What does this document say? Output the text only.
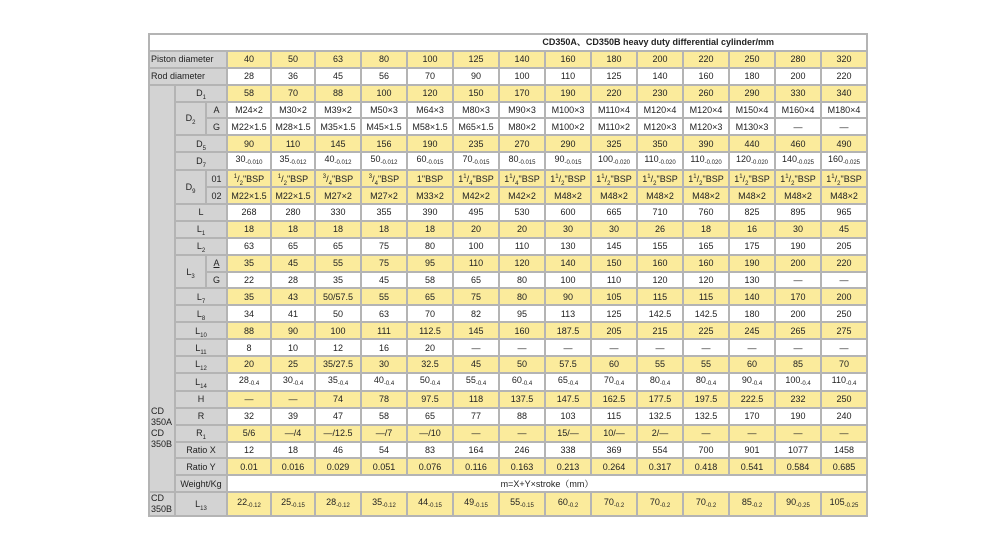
CD350A、CD350B heavy duty differential cylinder/mm																
Piston diameter			40	50	63	80	100	125	140	160	180	200	220	250	280	320
Rod diameter			28	36	45	56	70	90	100	110	125	140	160	180	200	220

CD 350A CD 350B	$D_1$		58	70	88	100	120	150	170	190	220	230	260	290	330	340
	$D_2$	A	M24×2	M30×2	M39×2	M50×3	M64×3	M80×3	M90×3	M100×3	M110×4	M120×4	M120×4	M150×4	M160×4	M180×4
		G	M22×1.5	M28×1.5	M35×1.5	M45×1.5	M58×1.5	M65×1.5	M80×2	M100×2	M110×2	M120×3	M120×3	M130×3	—	—
	$D_5$		90	110	145	156	190	235	270	290	325	350	390	440	460	490
	$D_7$		$30_{-0.010}$	$35_{-0.012}$	$40_{-0.012}$	$50_{-0.012}$	$60_{-0.015}$	$70_{-0.015}$	$80_{-0.015}$	$90_{-0.015}$	$100_{-0.020}$	$110_{-0.020}$	$110_{-0.020}$	$120_{-0.020}$	$140_{-0.025}$	$160_{-0.025}$
	$D_9$	01	$^1/_2"BSP$	$^1/_2"BSP$	$^3/_4"BSP$	$^3/_4"BSP$	1"BSP	$1^1/_4"BSP$	$1^1/_4"BSP$	$1^1/_2"BSP$	$1^1/_2"BSP$	$1^1/_2"BSP$	$1^1/_2"BSP$	$1^1/_2"BSP$	$1^1/_2"BSP$	$1^1/_2"BSP$
		02	M22×1.5	M22×1.5	M27×2	M27×2	M33×2	M42×2	M42×2	M48×2	M48×2	M48×2	M48×2	M48×2	M48×2	M48×2
	L		268	280	330	355	390	495	530	600	665	710	760	825	895	965
	$L_1$		18	18	18	18	18	20	20	30	30	26	18	16	30	45
	$L_2$		63	65	65	75	80	100	110	130	145	155	165	175	190	205
	$L_3$	A	35	45	55	75	95	110	120	140	150	160	160	190	200	220
		G	22	28	35	45	58	65	80	100	110	120	120	130	—	—
	$L_7$		35	43	50/57.5	55	65	75	80	90	105	115	115	140	170	200
	$L_8$		34	41	50	63	70	82	95	113	125	142.5	142.5	180	200	250
	$L_{10}$		88	90	100	111	112.5	145	160	187.5	205	215	225	245	265	275
	$L_{11}$		8	10	12	16	20	—	—	—	—	—	—	—	—	—
	$L_{12}$		20	25	35/27.5	30	32.5	45	50	57.5	60	55	55	60	85	70
	$L_{14}$		$28_{-0.4}$	$30_{-0.4}$	$35_{-0.4}$	$40_{-0.4}$	$50_{-0.4}$	$55_{-0.4}$	$60_{-0.4}$	$65_{-0.4}$	$70_{-0.4}$	$80_{-0.4}$	$80_{-0.4}$	$90_{-0.4}$	$100_{-0.4}$	$110_{-0.4}$
	H		—	—	74	78	97.5	118	137.5	147.5	162.5	177.5	197.5	222.5	232	250
	R		32	39	47	58	65	77	88	103	115	132.5	132.5	170	190	240
	$R_1$		5/6	—/4	—/12.5	—/7	—/10	—	—	15/—	10/—	2/—	—	—	—	—
	Ratio X		12	18	46	54	83	164	246	338	369	554	700	901	1077	1458
	Ratio Y		0.01	0.016	0.029	0.051	0.076	0.116	0.163	0.213	0.264	0.317	0.418	0.541	0.584	0.685
	Weight/Kg		m=X+Y×stroke（mm）													
CD 350B	$L_{13}$		$22_{-0.12}$	$25_{-0.15}$	$28_{-0.12}$	$35_{-0.12}$	$44_{-0.15}$	$49_{-0.15}$	$55_{-0.15}$	$60_{-0.2}$	$70_{-0.2}$	$70_{-0.2}$	$70_{-0.2}$	$85_{-0.2}$	$90_{-0.25}$	$105_{-0.25}$
